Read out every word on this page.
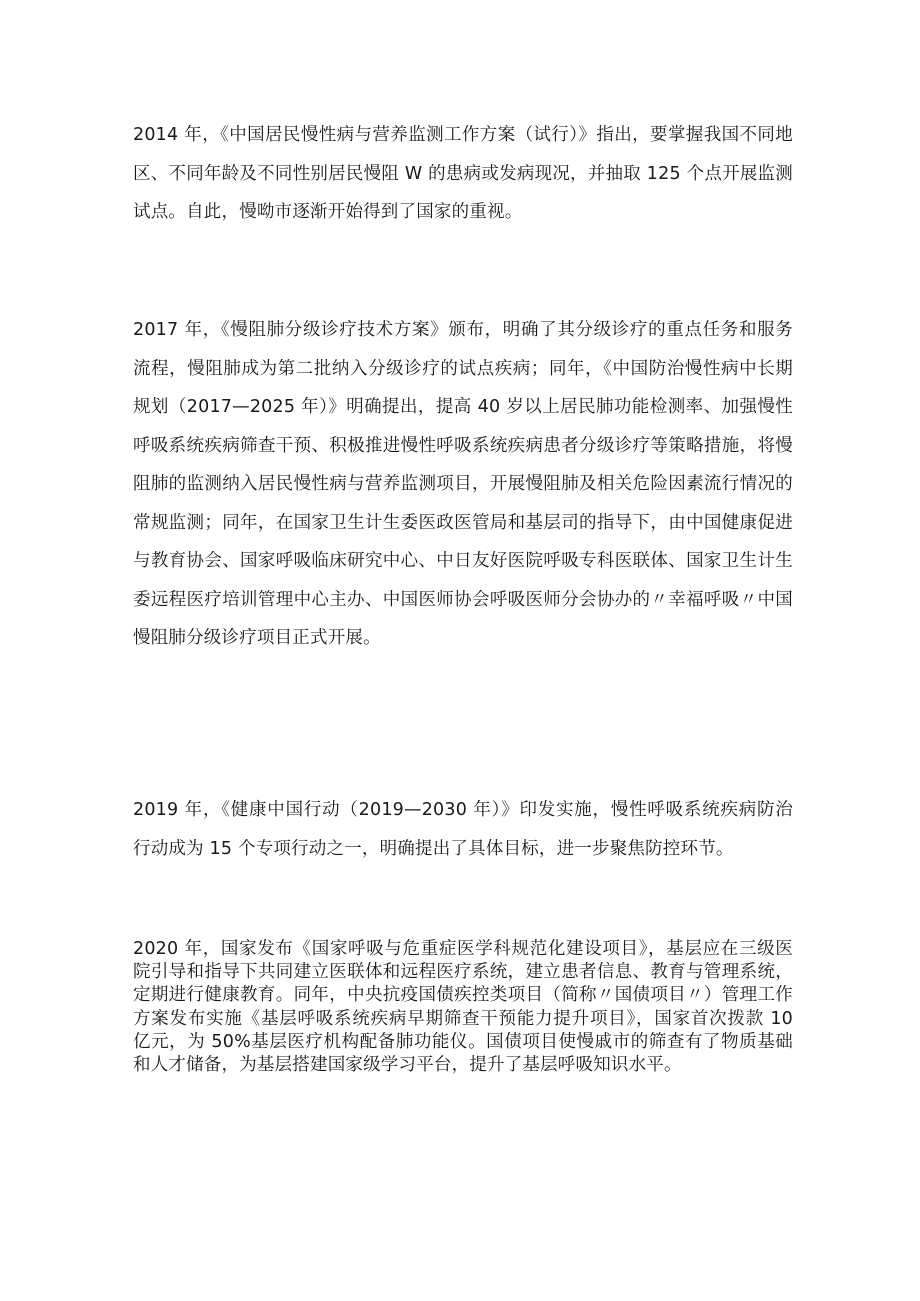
2014 年，《中国居民慢性病与营养监测工作方案（试行）》指出，要掌握我国不同地区、不同年龄及不同性别居民慢阻 W 的患病或发病现况，并抽取 125 个点开展监测试点。自此，慢呦市逐渐开始得到了国家的重视。

2017 年，《慢阻肺分级诊疗技术方案》颁布，明确了其分级诊疗的重点任务和服务流程，慢阻肺成为第二批纳入分级诊疗的试点疾病；同年，《中国防治慢性病中长期规划（2017—2025 年）》明确提出，提高 40 岁以上居民肺功能检测率、加强慢性呼吸系统疾病筛查干预、积极推进慢性呼吸系统疾病患者分级诊疗等策略措施，将慢阻肺的监测纳入居民慢性病与营养监测项目，开展慢阻肺及相关危险因素流行情况的常规监测；同年，在国家卫生计生委医政医管局和基层司的指导下，由中国健康促进与教育协会、国家呼吸临床研究中心、中日友好医院呼吸专科医联体、国家卫生计生委远程医疗培训管理中心主办、中国医师协会呼吸医师分会协办的〃幸福呼吸〃中国慢阻肺分级诊疗项目正式开展。

2019 年，《健康中国行动（2019—2030 年）》印发实施，慢性呼吸系统疾病防治行动成为 15 个专项行动之一，明确提出了具体目标，进一步聚焦防控环节。

2020 年，国家发布《国家呼吸与危重症医学科规范化建设项目》，基层应在三级医院引导和指导下共同建立医联体和远程医疗系统，建立患者信息、教育与管理系统，定期进行健康教育。同年，中央抗疫国债疾控类项目（简称〃国债项目〃）管理工作方案发布实施《基层呼吸系统疾病早期筛查干预能力提升项目》，国家首次拨款 10 亿元，为 50%基层医疗机构配备肺功能仪。国债项目使慢戚市的筛查有了物质基础和人才储备，为基层搭建国家级学习平台，提升了基层呼吸知识水平。
